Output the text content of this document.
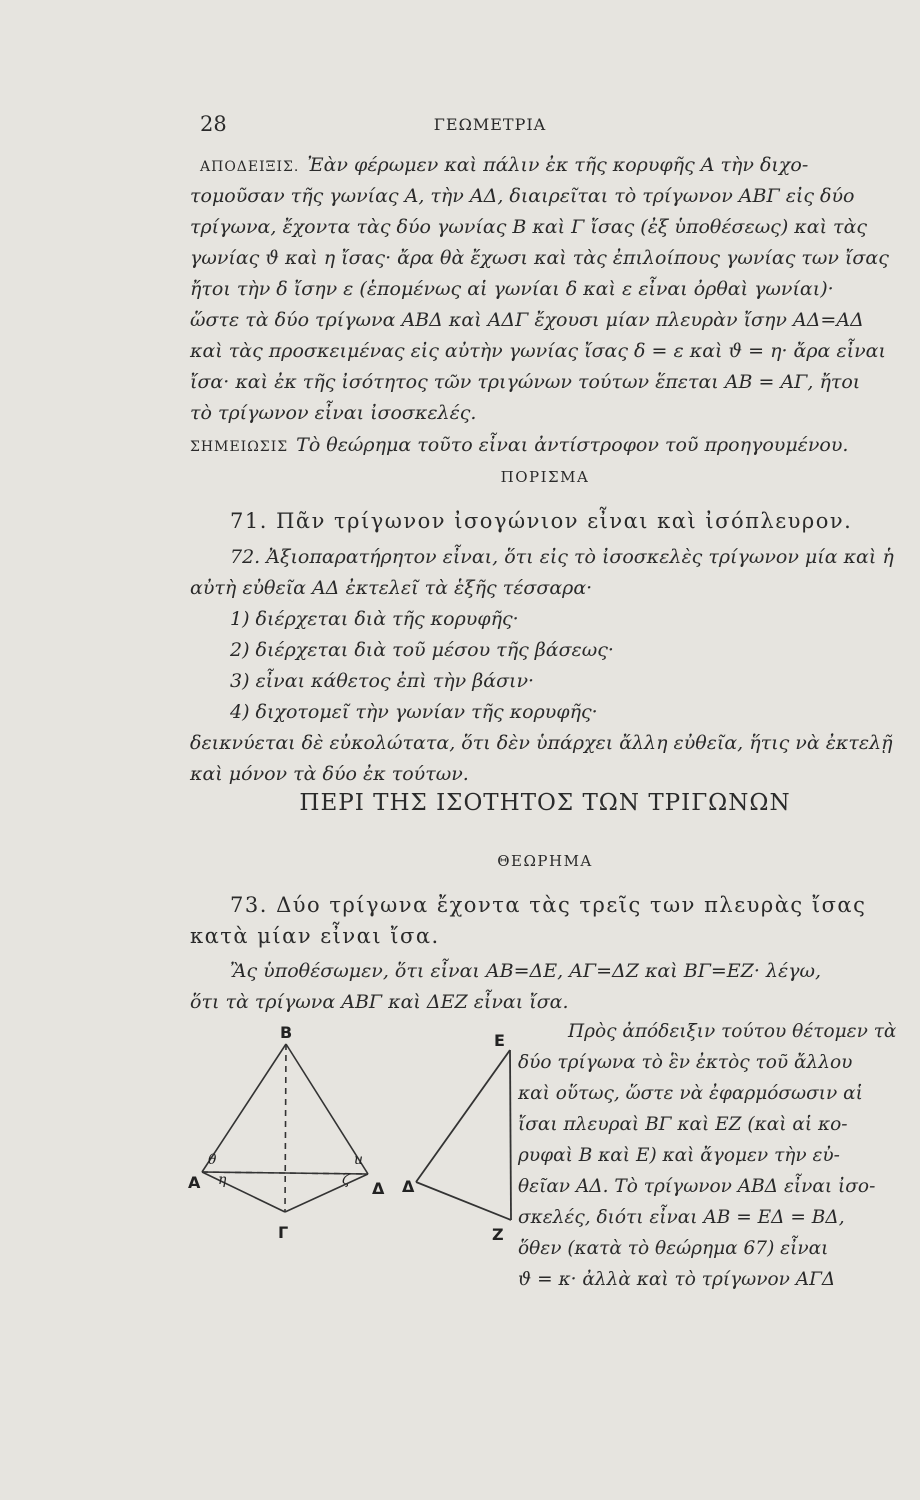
28	ΓΕΩΜΕΤΡΙΑ
ΑΠΟΔΕΙΞΙΣ. Ἐὰν φέρωμεν καὶ πάλιν ἐκ τῆς κορυφῆς Α τὴν διχο-
τομοῦσαν τῆς γωνίας Α, τὴν ΑΔ, διαιρεῖται τὸ τρίγωνον ΑΒΓ εἰς δύο
τρίγωνα, ἔχοντα τὰς δύο γωνίας Β καὶ Γ ἴσας (ἐξ ὑποθέσεως) καὶ τὰς
γωνίας ϑ καὶ η ἴσας· ἄρα θὰ ἔχωσι καὶ τὰς ἐπιλοίπους γωνίας των ἴσας
ἤτοι τὴν δ ἴσην ε (ἑπομένως αἱ γωνίαι δ καὶ ε εἶναι ὀρθαὶ γωνίαι)·
ὥστε τὰ δύο τρίγωνα ΑΒΔ καὶ ΑΔΓ ἔχουσι μίαν πλευρὰν ἴσην ΑΔ=ΑΔ
καὶ τὰς προσκειμένας εἰς αὐτὴν γωνίας ἴσας δ = ε καὶ ϑ = η· ἄρα εἶναι
ἴσα· καὶ ἐκ τῆς ἰσότητος τῶν τριγώνων τούτων ἕπεται ΑΒ = ΑΓ, ἤτοι
τὸ τρίγωνον εἶναι ἰσοσκελές.
ΣΗΜΕΙΩΣΙΣ Τὸ θεώρημα τοῦτο εἶναι ἀντίστροφον τοῦ προηγουμένου.
ΠΟΡΙΣΜΑ
71. Πᾶν τρίγωνον ἰσογώνιον εἶναι καὶ ἰσόπλευρον.
72. Ἀξιοπαρατήρητον εἶναι, ὅτι εἰς τὸ ἰσοσκελὲς τρίγωνον μία καὶ ἡ
αὐτὴ εὐθεῖα ΑΔ ἐκτελεῖ τὰ ἑξῆς τέσσαρα·
1) διέρχεται διὰ τῆς κορυφῆς·
2) διέρχεται διὰ τοῦ μέσου τῆς βάσεως·
3) εἶναι κάθετος ἐπὶ τὴν βάσιν·
4) διχοτομεῖ τὴν γωνίαν τῆς κορυφῆς·
δεικνύεται δὲ εὐκολώτατα, ὅτι δὲν ὑπάρχει ἄλλη εὐθεῖα, ἥτις νὰ ἐκτελῇ
καὶ μόνον τὰ δύο ἐκ τούτων.
ΠΕΡΙ ΤΗΣ ΙΣΟΤΗΤΟΣ ΤΩΝ ΤΡΙΓΩΝΩΝ
ΘΕΩΡΗΜΑ
73. Δύο τρίγωνα ἔχοντα τὰς τρεῖς των πλευρὰς ἴσας
κατὰ μίαν εἶναι ἴσα.
Ἂς ὑποθέσωμεν, ὅτι εἶναι ΑΒ=ΔΕ, ΑΓ=ΔΖ καὶ ΒΓ=ΕΖ· λέγω,
ὅτι τὰ τρίγωνα ΑΒΓ καὶ ΔΕΖ εἶναι ἴσα.
B
A
Γ
Δ
θ
η
u
ζ
E
Δ
Z
Πρὸς ἀπόδειξιν τούτου θέτομεν τὰ
δύο τρίγωνα τὸ ἓν ἐκτὸς τοῦ ἄλλου
καὶ οὕτως, ὥστε νὰ ἐφαρμόσωσιν αἱ
ἴσαι πλευραὶ ΒΓ καὶ ΕΖ (καὶ αἱ κο-
ρυφαὶ Β καὶ Ε) καὶ ἄγομεν τὴν εὐ-
θεῖαν ΑΔ. Τὸ τρίγωνον ΑΒΔ εἶναι ἰσο-
σκελές, διότι εἶναι ΑΒ = ΕΔ = ΒΔ,
ὅθεν (κατὰ τὸ θεώρημα 67) εἶναι
ϑ = κ· ἀλλὰ καὶ τὸ τρίγωνον ΑΓΔ
